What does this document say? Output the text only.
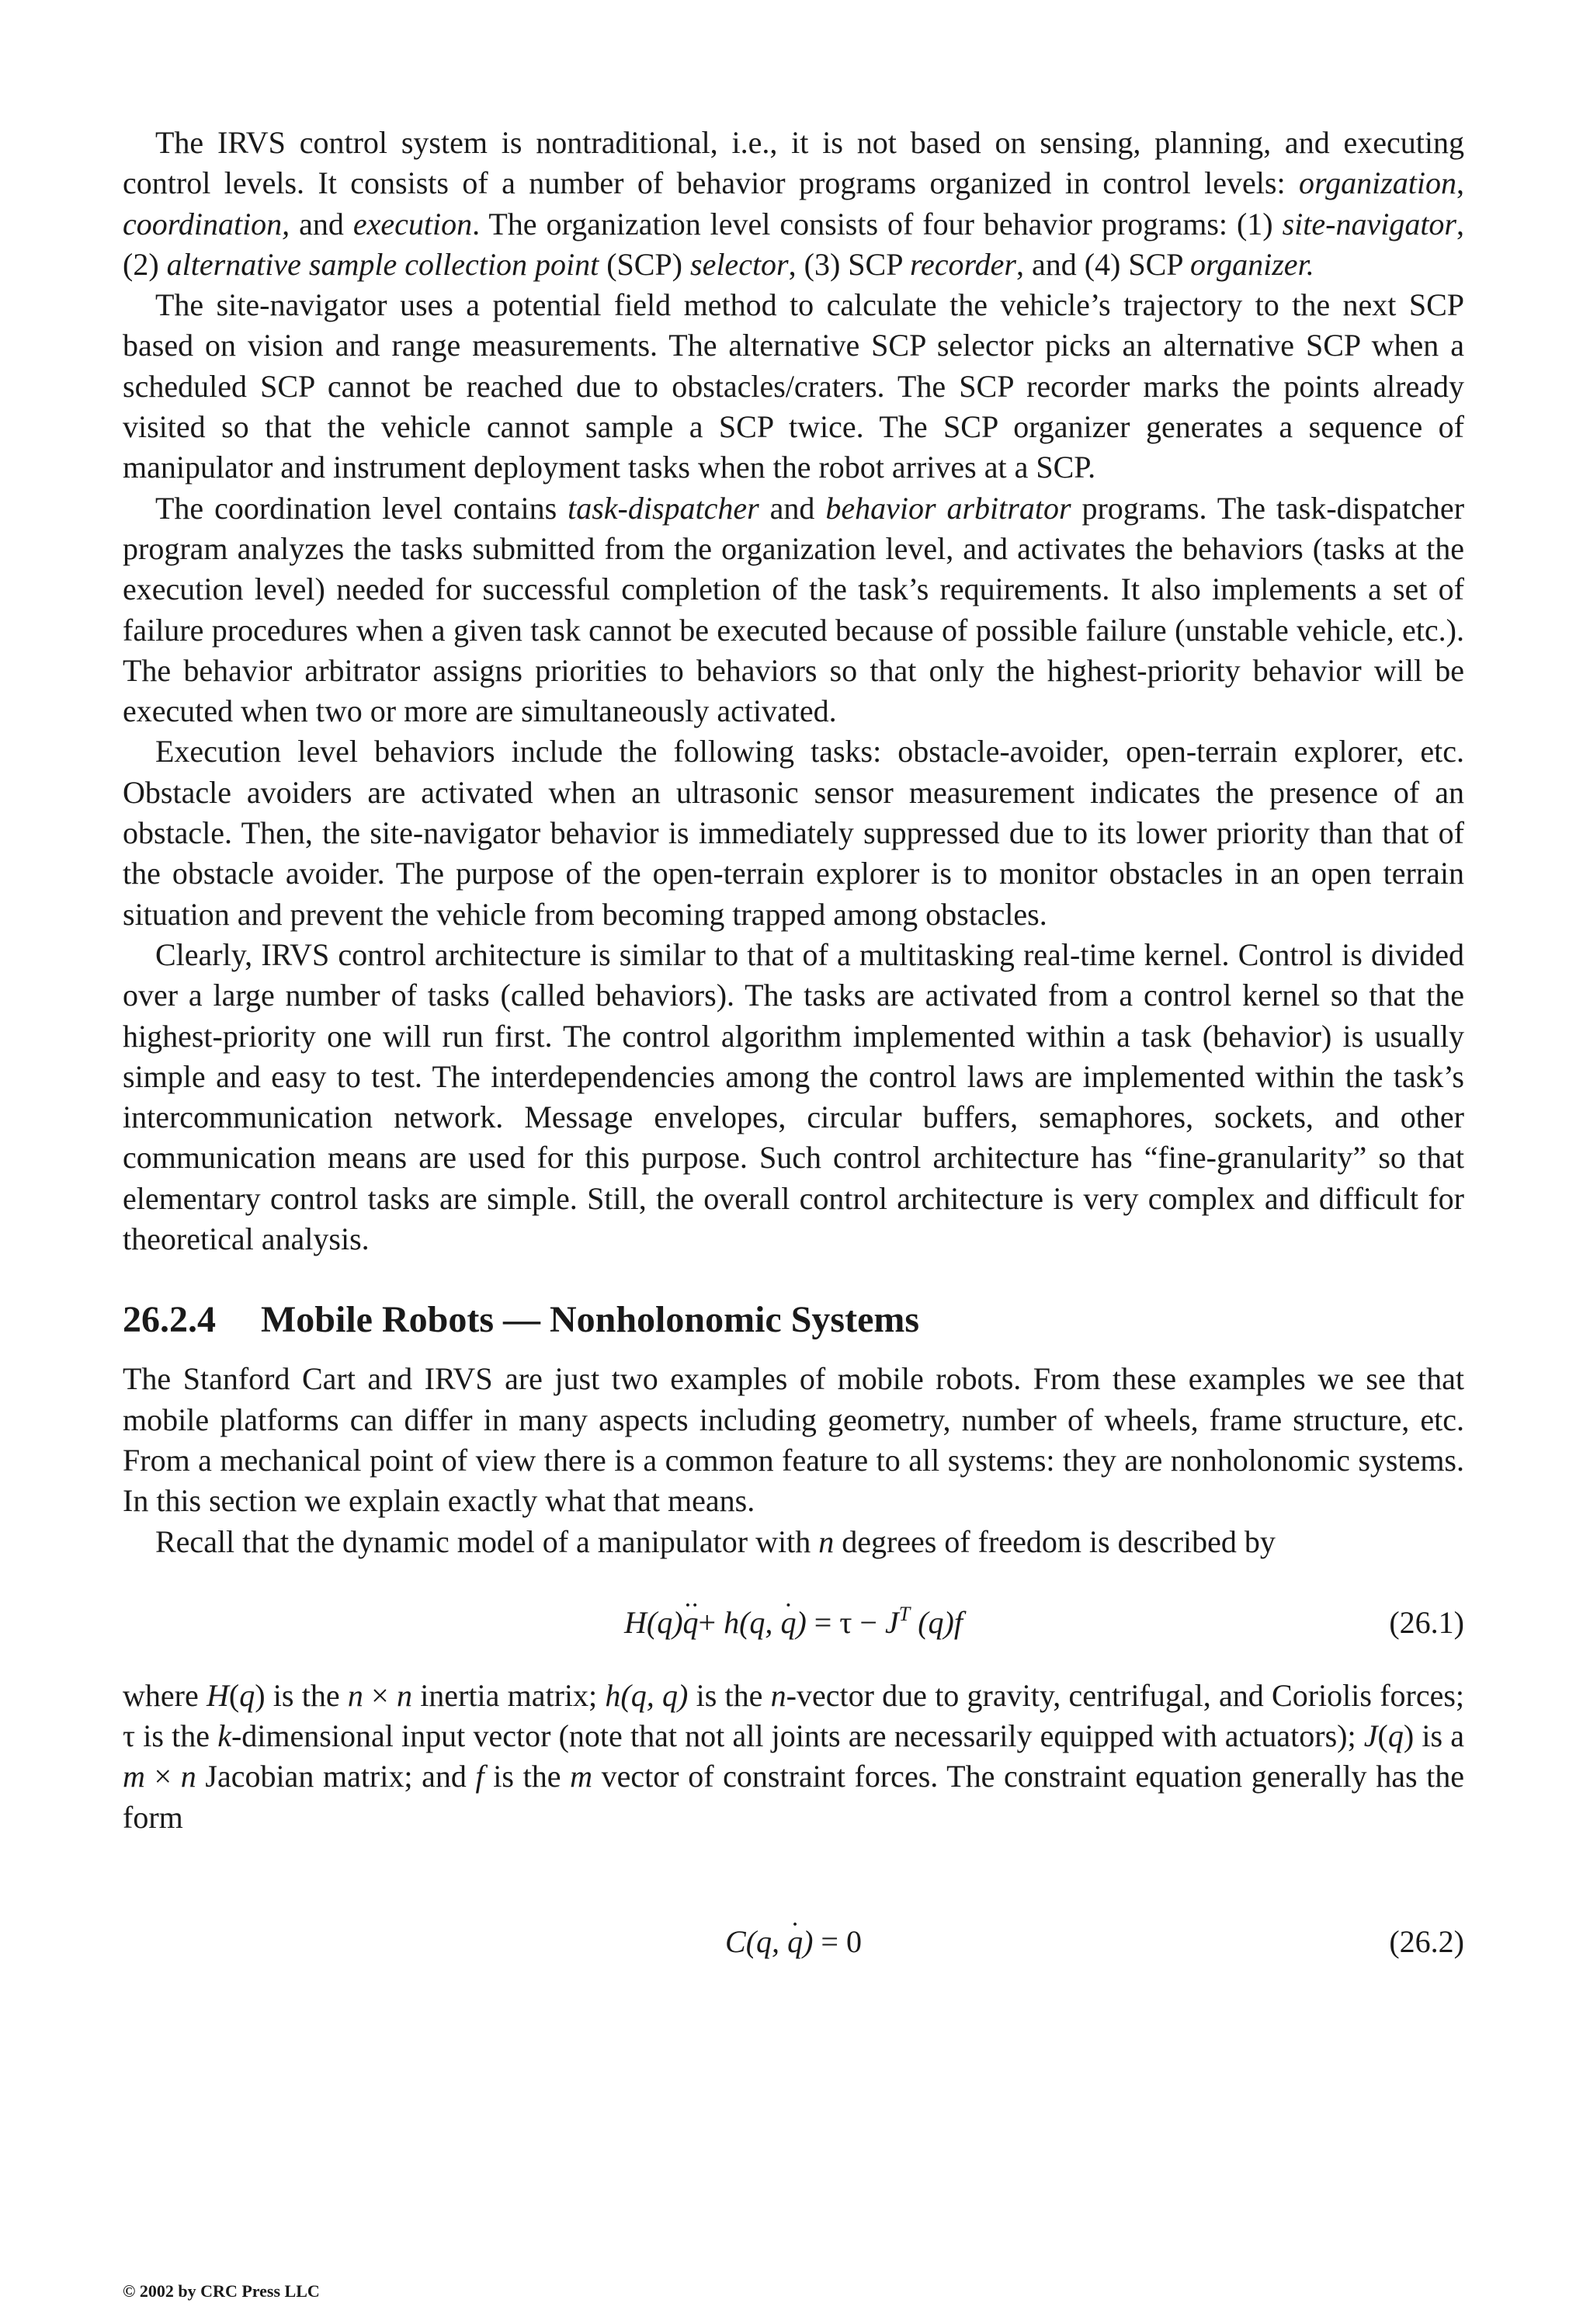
The IRVS control system is nontraditional, i.e., it is not based on sensing, planning, and executing control levels. It consists of a number of behavior programs organized in control levels: organization, coordination, and execution. The organization level consists of four behavior programs: (1) site-navigator, (2) alternative sample collection point (SCP) selector, (3) SCP recorder, and (4) SCP organizer.

The site-navigator uses a potential field method to calculate the vehicle’s trajectory to the next SCP based on vision and range measurements. The alternative SCP selector picks an alternative SCP when a scheduled SCP cannot be reached due to obstacles/craters. The SCP recorder marks the points already visited so that the vehicle cannot sample a SCP twice. The SCP organizer generates a sequence of manipulator and instrument deployment tasks when the robot arrives at a SCP.

The coordination level contains task-dispatcher and behavior arbitrator programs. The task-dispatcher program analyzes the tasks submitted from the organization level, and activates the behaviors (tasks at the execution level) needed for successful completion of the task’s requirements. It also implements a set of failure procedures when a given task cannot be executed because of possible failure (unstable vehicle, etc.). The behavior arbitrator assigns priorities to behaviors so that only the highest-priority behavior will be executed when two or more are simultaneously activated.

Execution level behaviors include the following tasks: obstacle-avoider, open-terrain explorer, etc. Obstacle avoiders are activated when an ultrasonic sensor measurement indicates the presence of an obstacle. Then, the site-navigator behavior is immediately suppressed due to its lower priority than that of the obstacle avoider. The purpose of the open-terrain explorer is to monitor obstacles in an open terrain situation and prevent the vehicle from becoming trapped among obstacles.

Clearly, IRVS control architecture is similar to that of a multitasking real-time kernel. Control is divided over a large number of tasks (called behaviors). The tasks are activated from a control kernel so that the highest-priority one will run first. The control algorithm implemented within a task (behavior) is usually simple and easy to test. The interdependencies among the control laws are implemented within the task’s intercommunication network. Message envelopes, circular buffers, semaphores, sockets, and other communication means are used for this purpose. Such control architecture has “fine-granularity” so that elementary control tasks are simple. Still, the overall control architecture is very complex and difficult for theoretical analysis.

26.2.4 Mobile Robots — Nonholonomic Systems

The Stanford Cart and IRVS are just two examples of mobile robots. From these examples we see that mobile platforms can differ in many aspects including geometry, number of wheels, frame structure, etc. From a mechanical point of view there is a common feature to all systems: they are nonholonomic systems. In this section we explain exactly what that means.

Recall that the dynamic model of a manipulator with n degrees of freedom is described by

H(q)·· q+ h(q, · $q) = \tau - J^T$ (q)f	(26.1)

where H(q) is the n × n inertia matrix; h(q, q) is the n-vector due to gravity, centrifugal, and Coriolis forces; τ is the k-dimensional input vector (note that not all joints are necessarily equipped with actuators); J(q) is a m × n Jacobian matrix; and f is the m vector of constraint forces. The constraint equation generally has the form

C(q, · q) = 0	(26.2)
© 2002 by CRC Press LLC
